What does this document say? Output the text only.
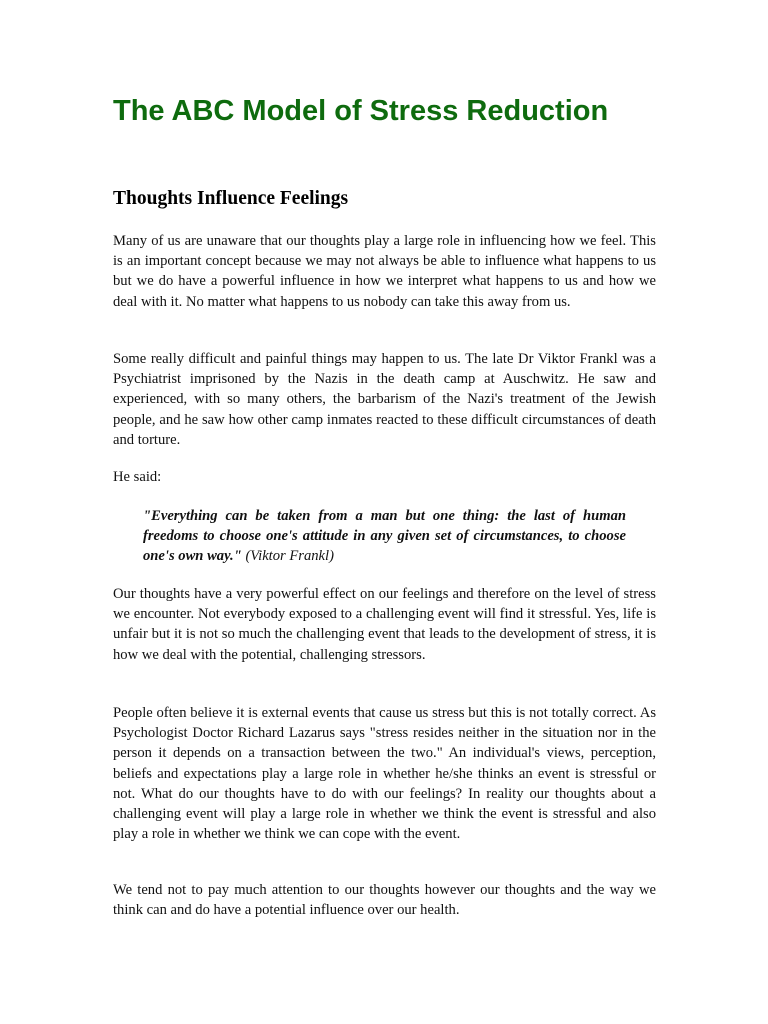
The ABC Model of Stress Reduction
Thoughts Influence Feelings

Many of us are unaware that our thoughts play a large role in influencing how we feel. This is an important concept because we may not always be able to influence what happens to us but we do have a powerful influence in how we interpret what happens to us and how we deal with it. No matter what happens to us nobody can take this away from us.

Some really difficult and painful things may happen to us. The late Dr Viktor Frankl was a Psychiatrist imprisoned by the Nazis in the death camp at Auschwitz. He saw and experienced, with so many others, the barbarism of the Nazi's treatment of the Jewish people, and he saw how other camp inmates reacted to these difficult circumstances of death and torture.

He said:

"Everything can be taken from a man but one thing: the last of human freedoms to choose one's attitude in any given set of circumstances, to choose one's own way." (Viktor Frankl)

Our thoughts have a very powerful effect on our feelings and therefore on the level of stress we encounter. Not everybody exposed to a challenging event will find it stressful. Yes, life is unfair but it is not so much the challenging event that leads to the development of stress, it is how we deal with the potential, challenging stressors.

People often believe it is external events that cause us stress but this is not totally correct. As Psychologist Doctor Richard Lazarus says "stress resides neither in the situation nor in the person it depends on a transaction between the two." An individual's views, perception, beliefs and expectations play a large role in whether he/she thinks an event is stressful or not. What do our thoughts have to do with our feelings? In reality our thoughts about a challenging event will play a large role in whether we think the event is stressful and also play a role in whether we think we can cope with the event.

We tend not to pay much attention to our thoughts however our thoughts and the way we think can and do have a potential influence over our health.
